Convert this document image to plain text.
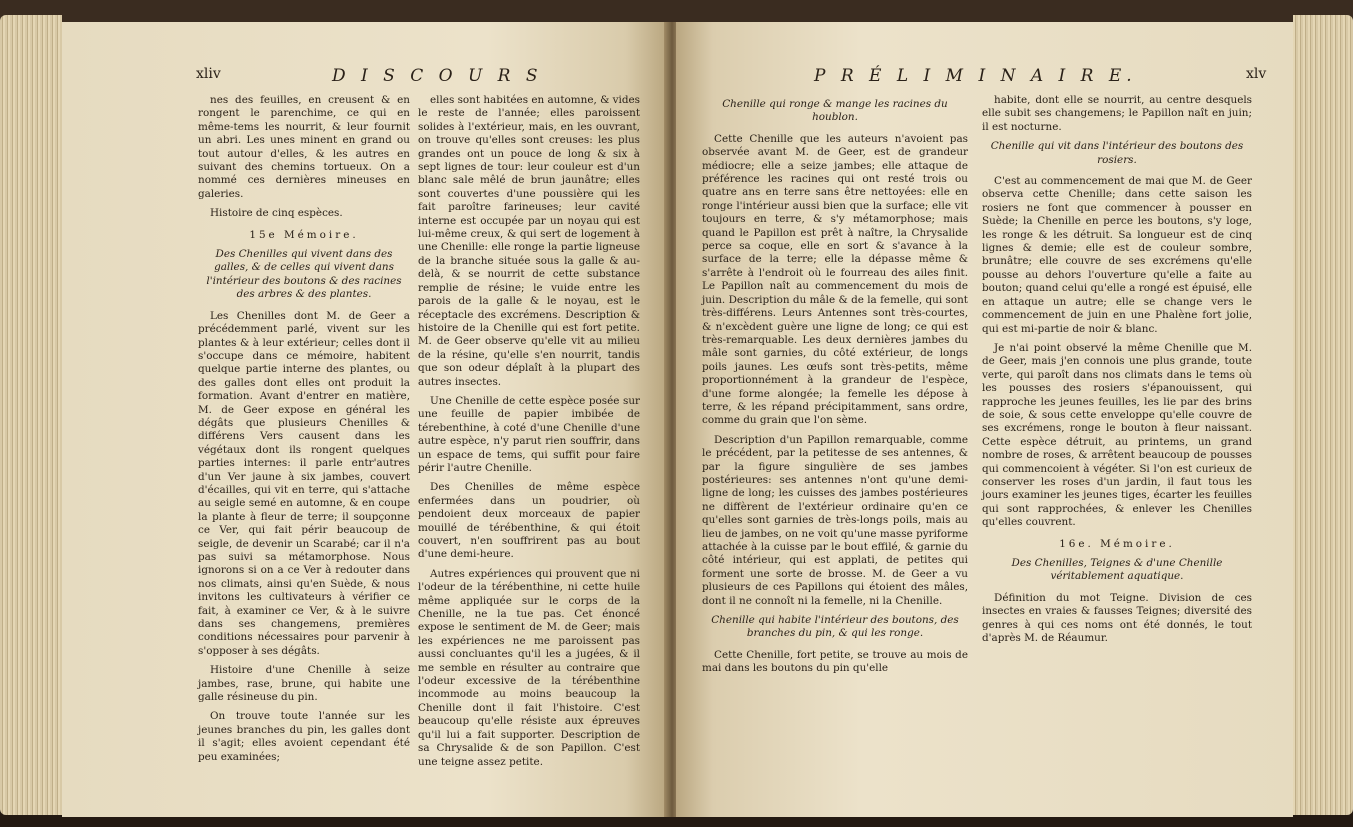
xliv	D I S C O U R S

nes des feuilles, en creusent & en rongent le parenchime, ce qui en même-tems les nourrit, & leur fournit un abri. Les unes minent en grand ou tout autour d'elles, & les autres en suivant des chemins tortueux. On a nommé ces dernières mineuses en galeries.

Histoire de cinq espèces.

15e Mémoire.

Des Chenilles qui vivent dans des galles, & de celles qui vivent dans l'intérieur des boutons & des racines des arbres & des plantes.

Les Chenilles dont M. de Geer a précédemment parlé, vivent sur les plantes & à leur extérieur; celles dont il s'occupe dans ce mémoire, habitent quelque partie interne des plantes, ou des galles dont elles ont produit la formation. Avant d'entrer en matière, M. de Geer expose en général les dégâts que plusieurs Chenilles & différens Vers causent dans les végétaux dont ils rongent quelques parties internes: il parle entr'autres d'un Ver jaune à six jambes, couvert d'écailles, qui vit en terre, qui s'attache au seigle semé en automne, & en coupe la plante à fleur de terre; il soupçonne ce Ver, qui fait périr beaucoup de seigle, de devenir un Scarabé; car il n'a pas suivi sa métamorphose. Nous ignorons si on a ce Ver à redouter dans nos climats, ainsi qu'en Suède, & nous invitons les cultivateurs à vérifier ce fait, à examiner ce Ver, & à le suivre dans ses changemens, premières conditions nécessaires pour parvenir à s'opposer à ses dégâts.

Histoire d'une Chenille à seize jambes, rase, brune, qui habite une galle résineuse du pin.

On trouve toute l'année sur les jeunes branches du pin, les galles dont il s'agit; elles avoient cependant été peu examinées;

elles sont habitées en automne, & vides le reste de l'année; elles paroissent solides à l'extérieur, mais, en les ouvrant, on trouve qu'elles sont creuses: les plus grandes ont un pouce de long & six à sept lignes de tour: leur couleur est d'un blanc sale mêlé de brun jaunâtre; elles sont couvertes d'une poussière qui les fait paroître farineuses; leur cavité interne est occupée par un noyau qui est lui-même creux, & qui sert de logement à une Chenille: elle ronge la partie ligneuse de la branche située sous la galle & au-delà, & se nourrit de cette substance remplie de résine; le vuide entre les parois de la galle & le noyau, est le réceptacle des excrémens. Description & histoire de la Chenille qui est fort petite. M. de Geer observe qu'elle vit au milieu de la résine, qu'elle s'en nourrit, tandis que son odeur déplaît à la plupart des autres insectes.

Une Chenille de cette espèce posée sur une feuille de papier imbibée de térebenthine, à coté d'une Chenille d'une autre espèce, n'y parut rien souffrir, dans un espace de tems, qui suffit pour faire périr l'autre Chenille.

Des Chenilles de même espèce enfermées dans un poudrier, où pendoient deux morceaux de papier mouillé de térébenthine, & qui étoit couvert, n'en souffrirent pas au bout d'une demi-heure.

Autres expériences qui prouvent que ni l'odeur de la térébenthine, ni cette huile même appliquée sur le corps de la Chenille, ne la tue pas. Cet énoncé expose le sentiment de M. de Geer; mais les expériences ne me paroissent pas aussi concluantes qu'il les a jugées, & il me semble en résulter au contraire que l'odeur excessive de la térébenthine incommode au moins beaucoup la Chenille dont il fait l'histoire. C'est beaucoup qu'elle résiste aux épreuves qu'il lui a fait supporter. Description de sa Chrysalide & de son Papillon. C'est une teigne assez petite.

P R É L I M I N A I R E.	xlv

Chenille qui ronge & mange les racines du houblon.

Cette Chenille que les auteurs n'avoient pas observée avant M. de Geer, est de grandeur médiocre; elle a seize jambes; elle attaque de préférence les racines qui ont resté trois ou quatre ans en terre sans être nettoyées: elle en ronge l'intérieur aussi bien que la surface; elle vit toujours en terre, & s'y métamorphose; mais quand le Papillon est prêt à naître, la Chrysalide perce sa coque, elle en sort & s'avance à la surface de la terre; elle la dépasse même & s'arrête à l'endroit où le fourreau des ailes finit. Le Papillon naît au commencement du mois de juin. Description du mâle & de la femelle, qui sont très-différens. Leurs Antennes sont très-courtes, & n'excèdent guère une ligne de long; ce qui est très-remarquable. Les deux dernières jambes du mâle sont garnies, du côté extérieur, de longs poils jaunes. Les œufs sont très-petits, même proportionnément à la grandeur de l'espèce, d'une forme alongée; la femelle les dépose à terre, & les répand précipitamment, sans ordre, comme du grain que l'on sème.

Description d'un Papillon remarquable, comme le précédent, par la petitesse de ses antennes, & par la figure singulière de ses jambes postérieures: ses antennes n'ont qu'une demi-ligne de long; les cuisses des jambes postérieures ne diffèrent de l'extérieur ordinaire qu'en ce qu'elles sont garnies de très-longs poils, mais au lieu de jambes, on ne voit qu'une masse pyriforme attachée à la cuisse par le bout effilé, & garnie du côté intérieur, qui est applati, de petites qui forment une sorte de brosse. M. de Geer a vu plusieurs de ces Papillons qui étoient des mâles, dont il ne connoît ni la femelle, ni la Chenille.

Chenille qui habite l'intérieur des boutons, des branches du pin, & qui les ronge.

Cette Chenille, fort petite, se trouve au mois de mai dans les boutons du pin qu'elle

habite, dont elle se nourrit, au centre desquels elle subit ses changemens; le Papillon naît en juin; il est nocturne.

Chenille qui vit dans l'intérieur des boutons des rosiers.

C'est au commencement de mai que M. de Geer observa cette Chenille; dans cette saison les rosiers ne font que commencer à pousser en Suède; la Chenille en perce les boutons, s'y loge, les ronge & les détruit. Sa longueur est de cinq lignes & demie; elle est de couleur sombre, brunâtre; elle couvre de ses excrémens qu'elle pousse au dehors l'ouverture qu'elle a faite au bouton; quand celui qu'elle a rongé est épuisé, elle en attaque un autre; elle se change vers le commencement de juin en une Phalène fort jolie, qui est mi-partie de noir & blanc.

Je n'ai point observé la même Chenille que M. de Geer, mais j'en connois une plus grande, toute verte, qui paroît dans nos climats dans le tems où les pousses des rosiers s'épanouissent, qui rapproche les jeunes feuilles, les lie par des brins de soie, & sous cette enveloppe qu'elle couvre de ses excrémens, ronge le bouton à fleur naissant. Cette espèce détruit, au printems, un grand nombre de roses, & arrêtent beaucoup de pousses qui commencoient à végéter. Si l'on est curieux de conserver les roses d'un jardin, il faut tous les jours examiner les jeunes tiges, écarter les feuilles qui sont rapprochées, & enlever les Chenilles qu'elles couvrent.

16e. Mémoire.

Des Chenilles, Teignes & d'une Chenille véritablement aquatique.

Définition du mot Teigne. Division de ces insectes en vraies & fausses Teignes; diversité des genres à qui ces noms ont été donnés, le tout d'après M. de Réaumur.
